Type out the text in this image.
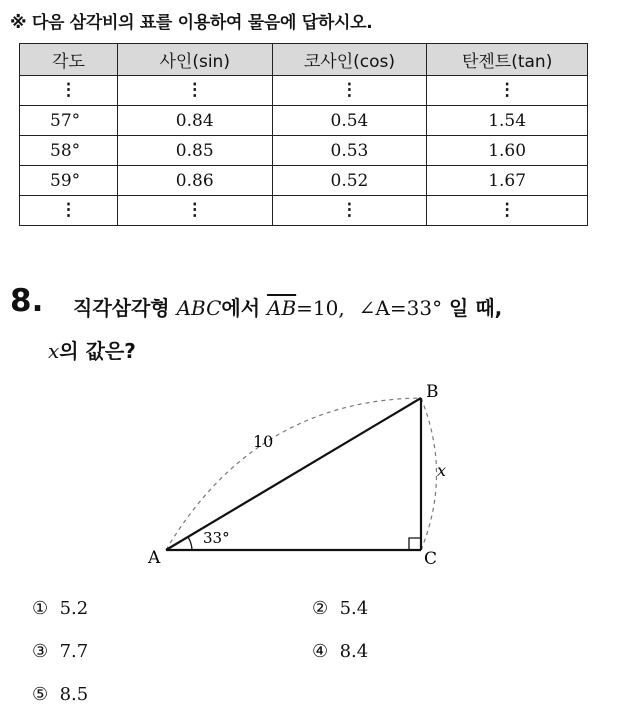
※ 다음 삼각비의 표를 이용하여 물음에 답하시오.
각도	사인(sin)	코사인(cos)	탄젠트(tan)
⋮	⋮	⋮	⋮
57°	0.84	0.54	1.54
58°	0.85	0.53	1.60
59°	0.86	0.52	1.67
⋮	⋮	⋮	⋮
8. 직각삼각형 ABC에서 $\overline{AB}=10$, ∠A=33° 일 때,
x의 값은?
A
B
C
10
x
33°
① 5.2	② 5.4
③ 7.7	④ 8.4
⑤ 8.5
